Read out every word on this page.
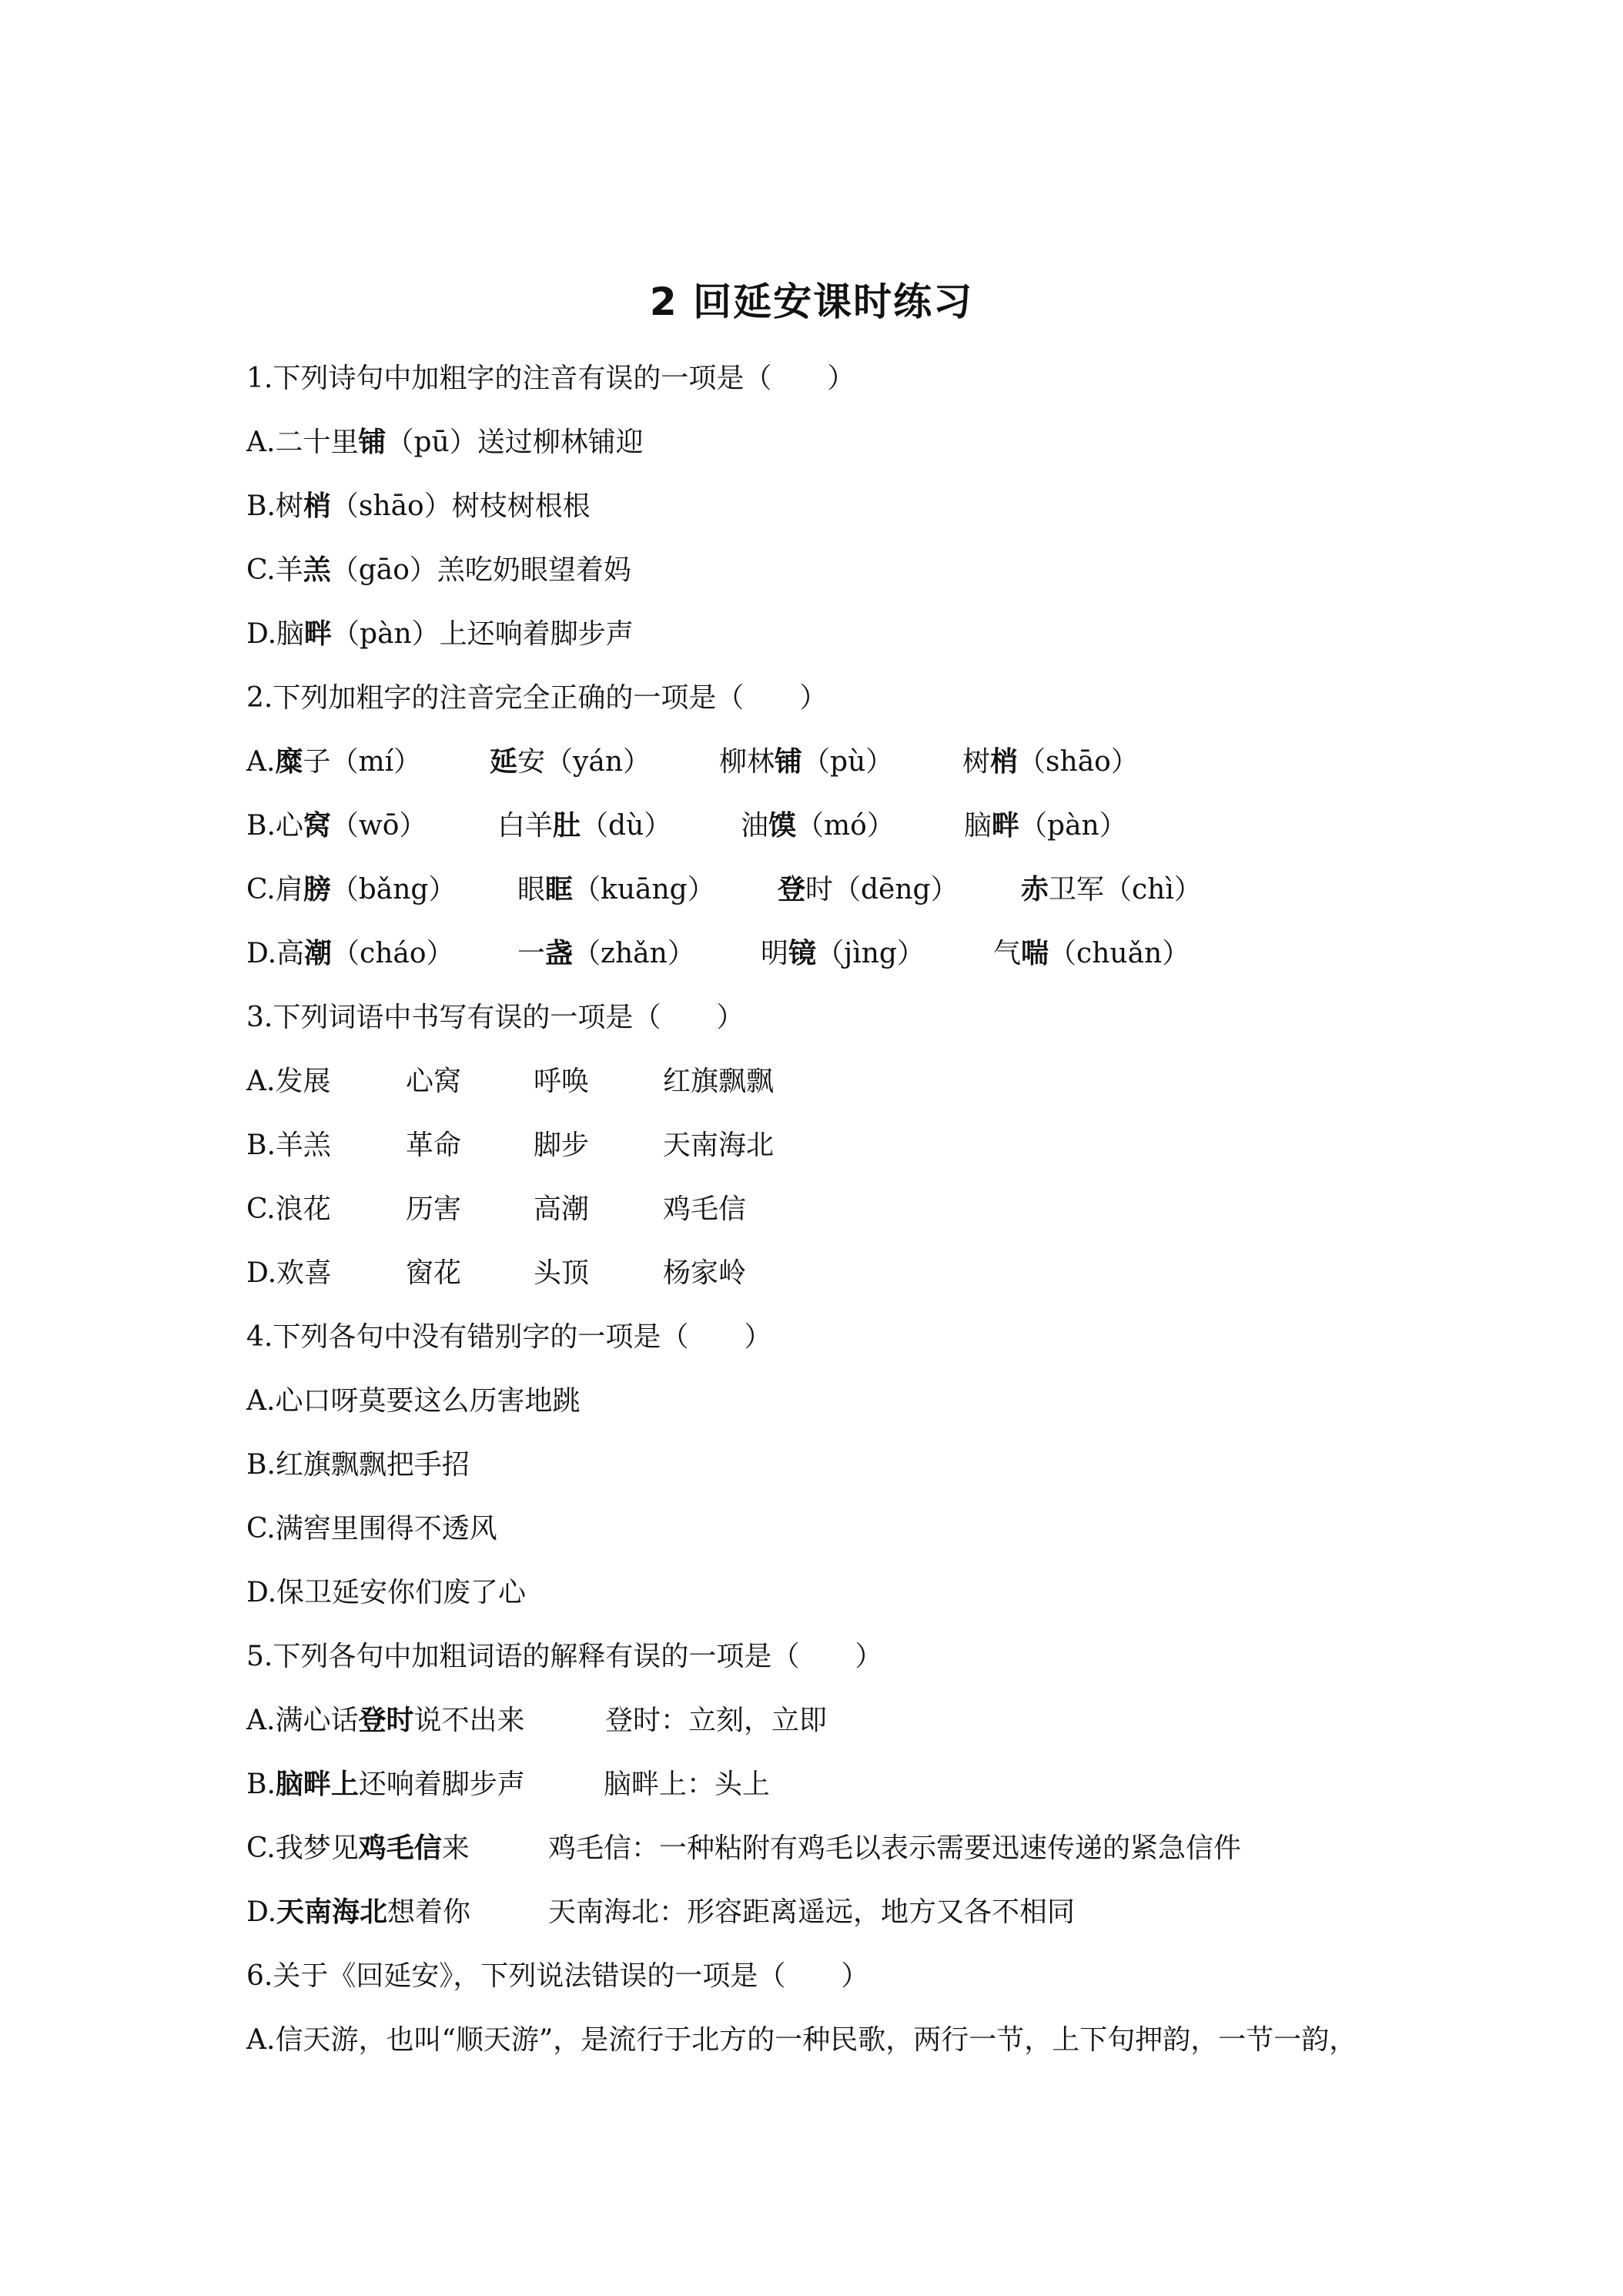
2 回延安课时练习
1.下列诗句中加粗字的注音有误的一项是（　　）
A.二十里铺（pū）送过柳林铺迎
B.树梢（shāo）树枝树根根
C.羊羔（gāo）羔吃奶眼望着妈
D.脑畔（pàn）上还响着脚步声
2.下列加粗字的注音完全正确的一项是（　　）
A.糜子（mí） 延安（yán） 柳林铺（pù） 树梢（shāo）
B.心窝（wō）	白羊肚（dù） 油馍（mó）	脑畔（pàn）
C.肩膀（bǎng） 眼眶（kuāng） 登时（dēng） 赤卫军（chì）
D.高潮（cháo） 一盏（zhǎn） 明镜（jìng） 气喘（chuǎn）
3.下列词语中书写有误的一项是（　　）
A.发展	心窝	呼唤	红旗飘飘
B.羊羔	革命	脚步	天南海北
C.浪花	历害	高潮	鸡毛信
D.欢喜	窗花	头顶	杨家岭
4.下列各句中没有错别字的一项是（　　）
A.心口呀莫要这么历害地跳
B.红旗飘飘把手招
C.满窖里围得不透风
D.保卫延安你们废了心
5.下列各句中加粗词语的解释有误的一项是（　　）
A.满心话登时说不出来	登时：立刻，立即
B.脑畔上还响着脚步声	脑畔上：头上
C.我梦见鸡毛信来	鸡毛信：一种粘附有鸡毛以表示需要迅速传递的紧急信件
D.天南海北想着你	天南海北：形容距离遥远，地方又各不相同
6.关于《回延安》，下列说法错误的一项是（　　）
A.信天游，也叫“顺天游”，是流行于北方的一种民歌，两行一节，上下句押韵，一节一韵，
